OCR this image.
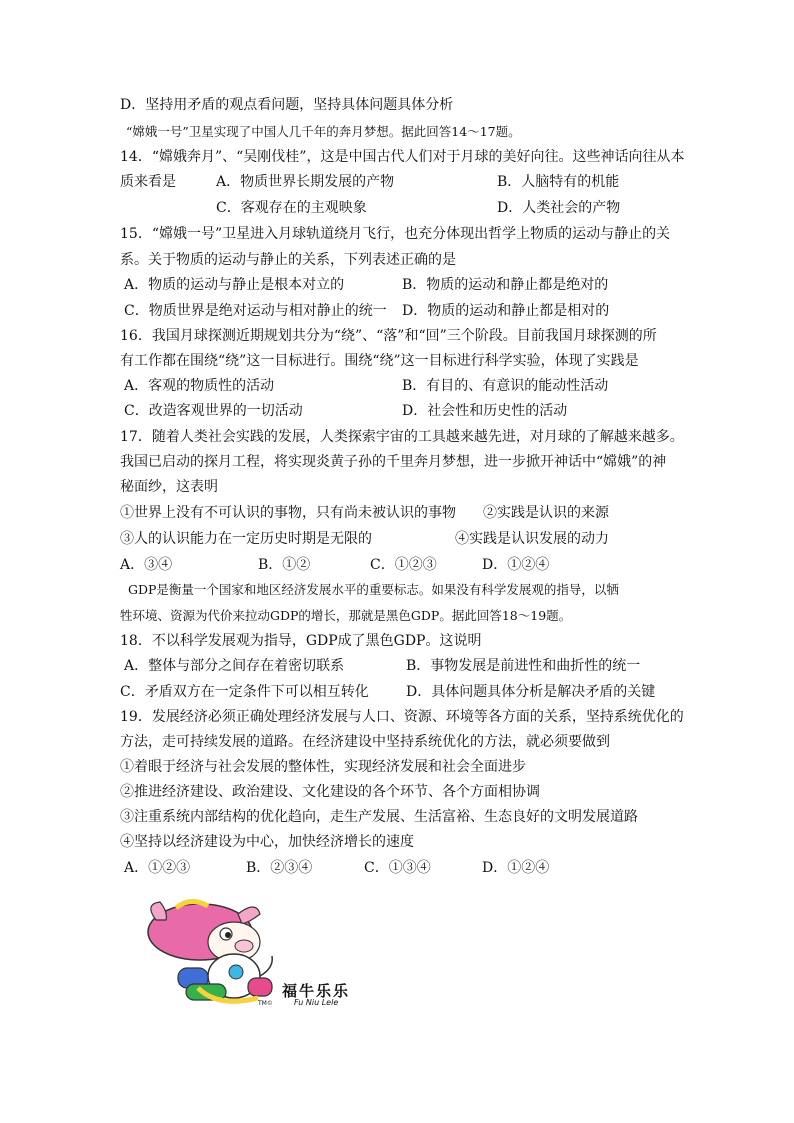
D．坚持用矛盾的观点看问题，坚持具体问题具体分析
“嫦娥一号”卫星实现了中国人几千年的奔月梦想。据此回答14～17题。
14．“嫦娥奔月”、“吴刚伐桂”，这是中国古代人们对于月球的美好向往。这些神话向往从本
质来看是	A．物质世界长期发展的产物	B．人脑特有的机能
C．客观存在的主观映象	D．人类社会的产物
15．“嫦娥一号”卫星进入月球轨道绕月飞行，也充分体现出哲学上物质的运动与静止的关
系。关于物质的运动与静止的关系，下列表述正确的是
A．物质的运动与静止是根本对立的	B．物质的运动和静止都是绝对的
C．物质世界是绝对运动与相对静止的统一 D．物质的运动和静止都是相对的
16．我国月球探测近期规划共分为“绕”、“落”和“回”三个阶段。目前我国月球探测的所
有工作都在围绕“绕”这一目标进行。围绕“绕”这一目标进行科学实验，体现了实践是
A．客观的物质性的活动	B．有目的、有意识的能动性活动
C．改造客观世界的一切活动	D．社会性和历史性的活动
17．随着人类社会实践的发展，人类探索宇宙的工具越来越先进，对月球的了解越来越多。
我国已启动的探月工程，将实现炎黄子孙的千里奔月梦想，进一步掀开神话中“嫦娥”的神
秘面纱，这表明
①世界上没有不可认识的事物，只有尚未被认识的事物 ②实践是认识的来源
③人的认识能力在一定历史时期是无限的	④实践是认识发展的动力
A．③④	B．①②	C．①②③	D．①②④
GDP是衡量一个国家和地区经济发展水平的重要标志。如果没有科学发展观的指导，以牺
牲环境、资源为代价来拉动GDP的增长，那就是黑色GDP。据此回答18～19题。
18．不以科学发展观为指导，GDP成了黑色GDP。这说明
A．整体与部分之间存在着密切联系	B．事物发展是前进性和曲折性的统一
C．矛盾双方在一定条件下可以相互转化	D．具体问题具体分析是解决矛盾的关键
19．发展经济必须正确处理经济发展与人口、资源、环境等各方面的关系，坚持系统优化的
方法，走可持续发展的道路。在经济建设中坚持系统优化的方法，就必须要做到
①着眼于经济与社会发展的整体性，实现经济发展和社会全面进步
②推进经济建设、政治建设、文化建设的各个环节、各个方面相协调
③注重系统内部结构的优化趋向，走生产发展、生活富裕、生态良好的文明发展道路
④坚持以经济建设为中心，加快经济增长的速度
A．①②③	B．②③④	C．①③④	D．①②④
福牛乐乐
Fu Niu Lele
TM©
